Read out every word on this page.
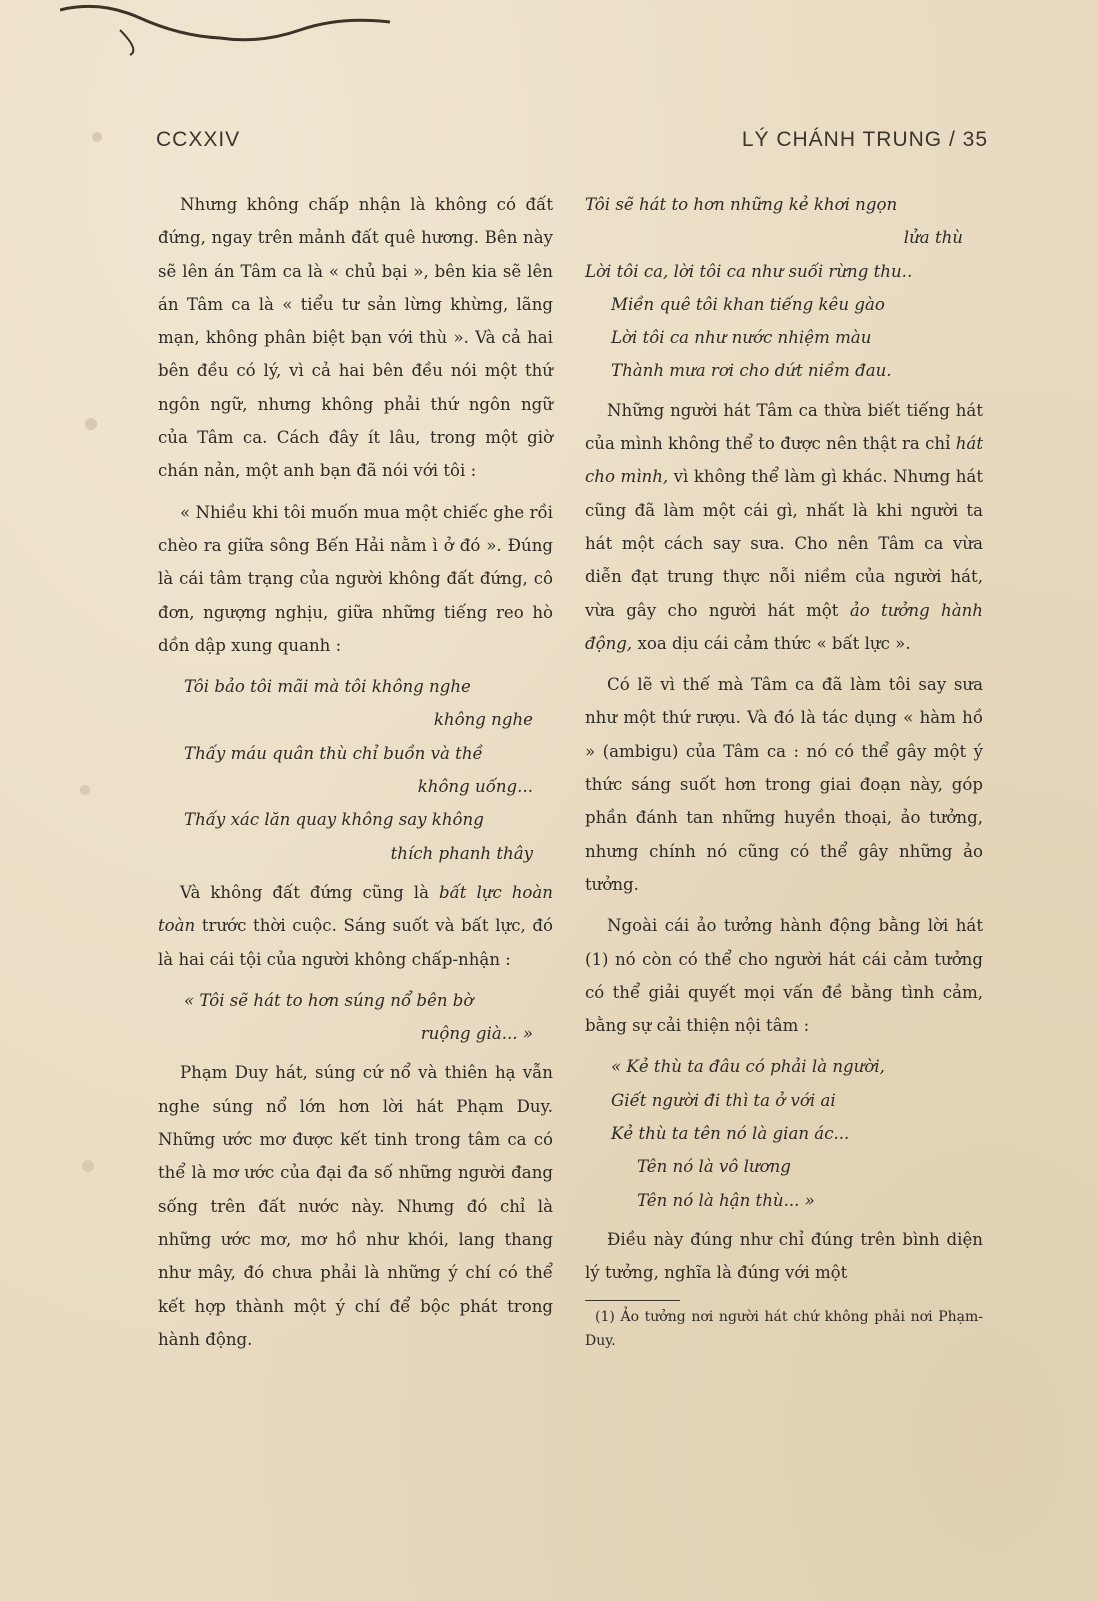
CCXXIV	LÝ CHÁNH TRUNG / 35

Nhưng không chấp nhận là không có đất đứng, ngay trên mảnh đất quê hương. Bên này sẽ lên án Tâm ca là « chủ bại », bên kia sẽ lên án Tâm ca là « tiểu tư sản lừng khừng, lãng mạn, không phân biệt bạn với thù ». Và cả hai bên đều có lý, vì cả hai bên đều nói một thứ ngôn ngữ, nhưng không phải thứ ngôn ngữ của Tâm ca. Cách đây ít lâu, trong một giờ chán nản, một anh bạn đã nói với tôi :

« Nhiều khi tôi muốn mua một chiếc ghe rồi chèo ra giữa sông Bến Hải nằm ì ở đó ». Đúng là cái tâm trạng của người không đất đứng, cô đơn, ngượng nghịu, giữa những tiếng reo hò dồn dập xung quanh :

Tôi bảo tôi mãi mà tôi không nghe
không nghe
Thấy máu quân thù chỉ buồn và thề
không uống...
Thấy xác lăn quay không say không
thích phanh thây

Và không đất đứng cũng là bất lực hoàn toàn trước thời cuộc. Sáng suốt và bất lực, đó là hai cái tội của người không chấp-nhận :

« Tôi sẽ hát to hơn súng nổ bên bờ
ruộng già... »

Phạm Duy hát, súng cứ nổ và thiên hạ vẫn nghe súng nổ lớn hơn lời hát Phạm Duy. Những ước mơ được kết tinh trong tâm ca có thể là mơ ước của đại đa số những người đang sống trên đất nước này. Nhưng đó chỉ là những ước mơ, mơ hồ như khói, lang thang như mây, đó chưa phải là những ý chí có thể kết hợp thành một ý chí để bộc phát trong hành động.

Tôi sẽ hát to hơn những kẻ khơi ngọn
lửa thù
Lời tôi ca, lời tôi ca như suối rừng thu..
Miền quê tôi khan tiếng kêu gào
Lời tôi ca như nước nhiệm màu
Thành mưa rơi cho dứt niềm đau.

Những người hát Tâm ca thừa biết tiếng hát của mình không thể to được nên thật ra chỉ hát cho mình, vì không thể làm gì khác. Nhưng hát cũng đã làm một cái gì, nhất là khi người ta hát một cách say sưa. Cho nên Tâm ca vừa diễn đạt trung thực nỗi niềm của người hát, vừa gây cho người hát một ảo tưởng hành động, xoa dịu cái cảm thức « bất lực ».

Có lẽ vì thế mà Tâm ca đã làm tôi say sưa như một thứ rượu. Và đó là tác dụng « hàm hồ » (ambigu) của Tâm ca : nó có thể gây một ý thức sáng suốt hơn trong giai đoạn này, góp phần đánh tan những huyền thoại, ảo tưởng, nhưng chính nó cũng có thể gây những ảo tưởng.

Ngoài cái ảo tưởng hành động bằng lời hát (1) nó còn có thể cho người hát cái cảm tưởng có thể giải quyết mọi vấn đề bằng tình cảm, bằng sự cải thiện nội tâm :

« Kẻ thù ta đâu có phải là người,
Giết người đi thì ta ở với ai
Kẻ thù ta tên nó là gian ác...
Tên nó là vô lương
Tên nó là hận thù... »

Điều này đúng như chỉ đúng trên bình diện lý tưởng, nghĩa là đúng với một

(1) Ảo tưởng nơi người hát chứ không phải nơi Phạm-Duy.
